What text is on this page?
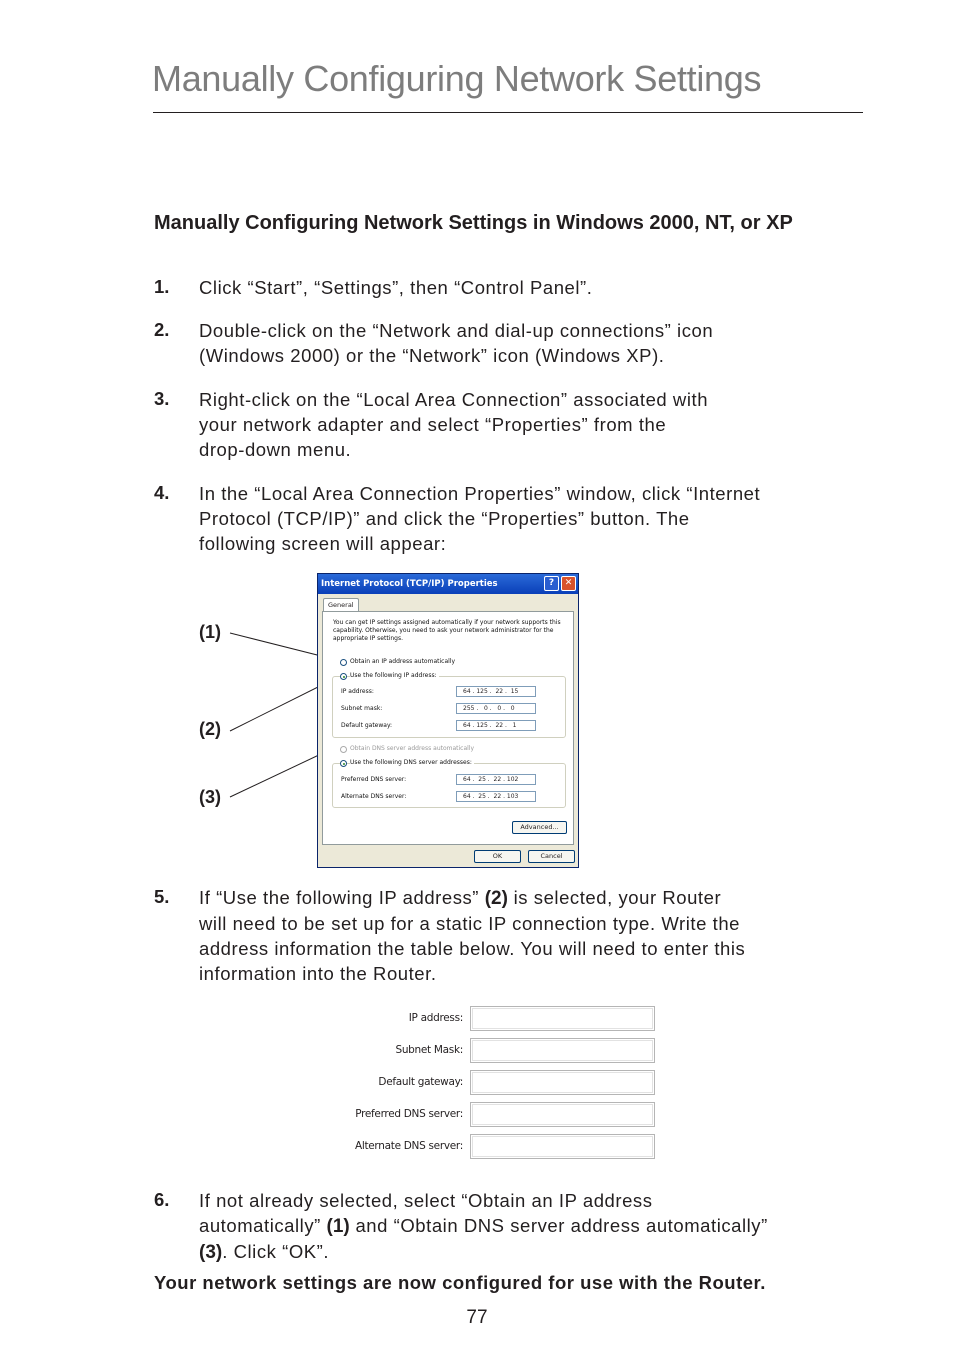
Manually Configuring Network Settings
Manually Configuring Network Settings in Windows 2000, NT, or XP
1. Click “Start”, “Settings”, then “Control Panel”.
2. Double-click on the “Network and dial-up connections” icon
(Windows 2000) or the “Network” icon (Windows XP).
3. Right-click on the “Local Area Connection” associated with
your network adapter and select “Properties” from the
drop-down menu.
4. In the “Local Area Connection Properties” window, click “Internet
Protocol (TCP/IP)” and click the “Properties” button. The
following screen will appear:
(1)
(2)
(3)
Internet Protocol (TCP/IP) Properties	?	✕
General
You can get IP settings assigned automatically if your network supports this capability. Otherwise, you need to ask your network administrator for the appropriate IP settings.
Obtain an IP address automatically
Use the following IP address:
IP address:	64 . 125 .  22 .  15
Subnet mask:	255 .   0 .   0 .   0
Default gateway:	64 . 125 .  22 .   1
Obtain DNS server address automatically
Use the following DNS server addresses:
Preferred DNS server:	64 .  25 .  22 . 102
Alternate DNS server:	64 .  25 .  22 . 103
Advanced...
OK	Cancel
5. If “Use the following IP address” (2) is selected, your Router
will need to be set up for a static IP connection type. Write the
address information the table below. You will need to enter this
information into the Router.
IP address:
Subnet Mask:
Default gateway:
Preferred DNS server:
Alternate DNS server:
6. If not already selected, select “Obtain an IP address
automatically” (1) and “Obtain DNS server address automatically”
(3). Click “OK”.
Your network settings are now configured for use with the Router.
77
